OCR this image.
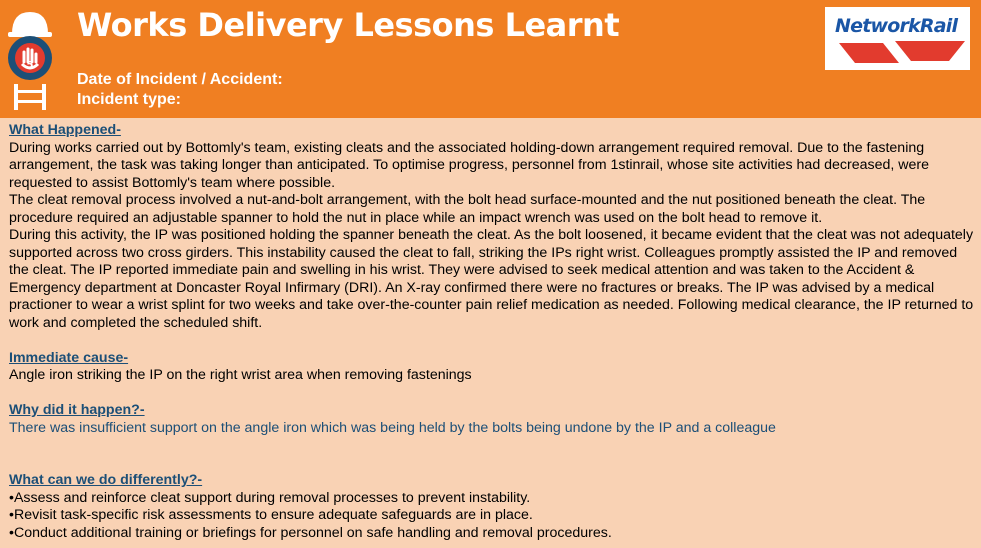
5
Works Delivery Lessons Learnt
Date of Incident / Accident:
Incident type:
NetworkRail

What Happened-

During works carried out by Bottomly's team, existing cleats and the associated holding-down arrangement required removal. Due to the fastening arrangement, the task was taking longer than anticipated. To optimise progress, personnel from 1stinrail, whose site activities had decreased, were requested to assist Bottomly's team where possible.

The cleat removal process involved a nut-and-bolt arrangement, with the bolt head surface-mounted and the nut positioned beneath the cleat. The procedure required an adjustable spanner to hold the nut in place while an impact wrench was used on the bolt head to remove it.

During this activity, the IP was positioned holding the spanner beneath the cleat. As the bolt loosened, it became evident that the cleat was not adequately supported across two cross girders. This instability caused the cleat to fall, striking the IPs right wrist. Colleagues promptly assisted the IP and removed the cleat. The IP reported immediate pain and swelling in his wrist. They were advised to seek medical attention and was taken to the Accident & Emergency department at Doncaster Royal Infirmary (DRI). An X-ray confirmed there were no fractures or breaks. The IP was advised by a medical practioner to wear a wrist splint for two weeks and take over-the-counter pain relief medication as needed. Following medical clearance, the IP returned to work and completed the scheduled shift.

Immediate cause-

Angle iron striking the IP on the right wrist area when removing fastenings

Why did it happen?-

There was insufficient support on the angle iron which was being held by the bolts being undone by the IP and a colleague

What can we do differently?-

•Assess and reinforce cleat support during removal processes to prevent instability.

•Revisit task-specific risk assessments to ensure adequate safeguards are in place.

•Conduct additional training or briefings for personnel on safe handling and removal procedures.
